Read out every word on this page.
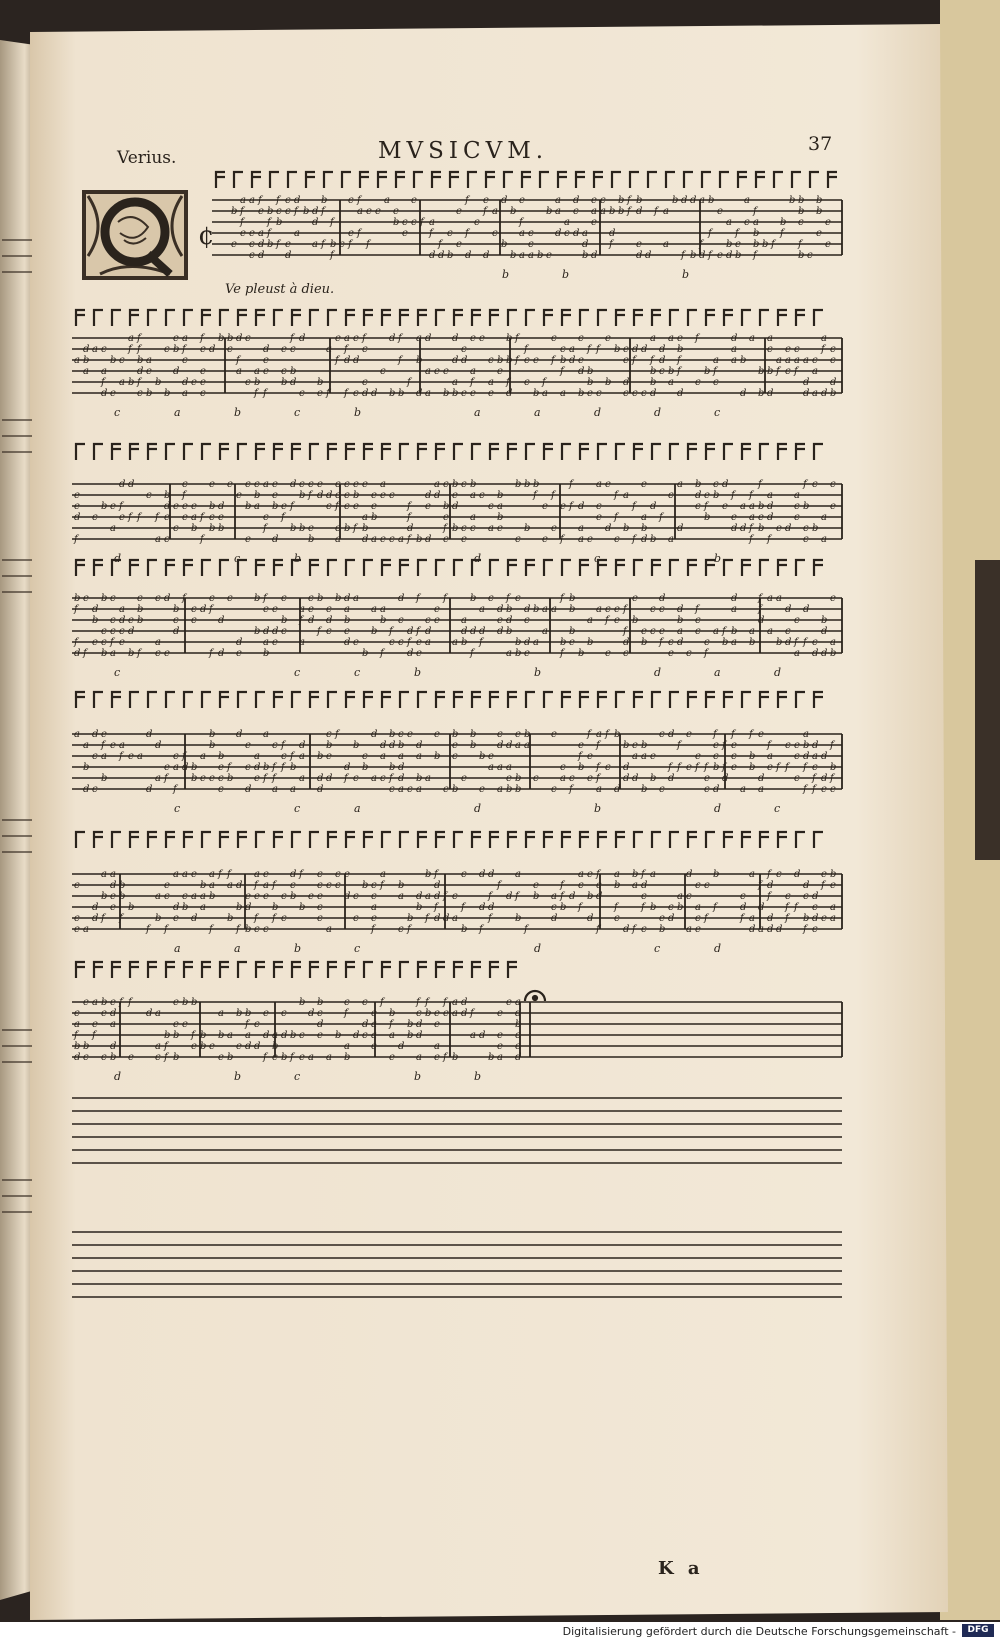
¢
b
e
a
f
f
e
a
e
c
c
f
e
a
d
d
b
f
f
b
f
c
b
f
c
c
e
d
d
f
a
b d
d
a
b
f
f
f
b
f
c
c
e
f
f
a
f
e
f
e
a
e
b c
e
e
c f a
f
d
f
d
c
b
e
e
f
f
d
c
e
f
d
a
c
d
b
b
b
e
f
a
a
c
c
a b
b
e
a
a
d
a
c
d
c
d a
d
b
e
a
e
d
c
a b
d
f
b
b
f
f
b
d
e
d d
f a
a
b d
f
d
b
a
f
d
b
f
f
e
e
a
b
d
f
e
b
a
c
f
a
b
b
f
b f
b
f
b b
b
c
f
b c
b
b
e
e
e
b	b	b
a
d
b
a
a c
a
f
d
b
e
c
a
a
f
b
f
f
b
d
f
c
a
e
b
b
c
b
e
b
d
a
f
c
d
a
e
f
e
e
e
c
d
b b
c
d
f
a
c
c
a
b
f
d
e
e
f
e
c
b
f
c
b
d
d
c
b
e
a
f
e
f
a
f
d
f
e
d
c
f
c
c
d d
c
d
b
f
f
b
f
a
b
d
d
a
a
e e
b
d
d
a
b
c
d
e
e
a
f
e
e
c
a
e
b
e
b
b
f
d
f
f
f
c
c
e
b
f
a
c
f
c
b
f
a
a
d
c
e
d
b
f
b
b
e
f
c
e
b
b e
e
d
c
d
f
c
d
c
a
f
b
b
d
d
d
c
a
b
a
e
b
f
f
d
f
c
b
a
f
c
d
a
a b
d
a
b
b
a
c
b
d
a
f
e
a
c
c
a
f
a
d
d
c
a
a
a
f
d
c
c
d
b
c	a	b	c	b	a	a	d	d	c
e
e
d
f
c
b e
a
d
f
e
d
f f
c
f
a
b
d
e
c
e
c
c
f
e
e
e
a
b
f
f
e
b
c
b
d
e
b
e
e
c
b
e
c
b
a
a
c
f
e
e
b
d
e
f
d
f
b
c
b
b
c
f
e
b
e
d d
c
c
c
f
c
a
c
c
c
b
e
b
e
f
e
a
b
d
e
e
b
a
a
e
e
c
c a
f
f
d
f b
d
e
d
a
d
c
b
e
f
e
b
e
d
b
c
c
e
b
a
a
c
c
c
a
b
a
b
e
b
c
b
b
b
f
e
e
f
e
e
f
f
f d
a
a e
a
c
e
e
d
f
f
c
a
b
f
f
e
a
b
d
d
b
f
c
a
a
d
b
d
c
e
f
b
c
b
d
e
f
e
d
a
d
f
a
a
f
f
f
b
e
b
a
d
d
f
e d
a
c
c
f
b
c
c
c
b
a
a
c
e
d	c	b	d	c	b
b
f
f
d
e
f
d
b
e
b
c
c
b
c
c
c
f
a
a
d
c
e
e
d
b
c
b
b
f
c
a
c
d
e
b
c
d
f
c
c
d
c
f
f
d
d
c
d
e
b
b
f
e
d
a
b
e
d
e
c
b
c
a
f
a
c
e
d
b
f
c
d
c
b d
a
b
e
d
a
e
b
a
b
a
b
f
f
c
d
c
c
d
f
d
f
f
e
e
c
d
a
e
e
f
a
a
d
b
b
d
f
a
d
f
c
d
e
d
f
b
d
b
a
c
b
b
d
c
d
e
b
a
a
a
a
f
b
f
b
b
b
e
b
a
b
a c
f
e
e
e
f
f
d
c
e
b
e
b
c
c
d
c
e
f c
e
d
b
a
d
c
f
c
c
c
f
a f
b
d
a
b
a
a
b
f
f
d
a
a
a
b
d
c
d
c
f
a
d
f c
d
b
d
d
e
a
b
c	c	c	b	b	d	a	d
a
a
b
d
d
c
c
e
f
a
b
e a
f e a
d
d
d
a
e
f
c
a
f
f
d b
b
a
e
b
b
e
b
e
c
c
f
b
d
e
c
d
a
d
e
a
b
f
c
f
f
a
f
c
f
f
b
a
d
a
a
b
d
d
c
b
e
d
f
d
f
b
c
c
b
d
a
d
a
c
b
d
b
f
c
c
b
a
d
d
a
e
c
d
a
b
a
a
e
b
e
b
e
c
b
e
b
b
b
e
e
a
c
d
a
a
d
a
e
b
e
a
b
b
b
a
c
e
c
c
a c
f
e
f
b
f
e
e
a
f
f
f
a
f
c
b
d
b
d
d
e
a
d
b
a
b
e
b
c
c
d
f
d
f
f
e
e
e
f f
e
c
f
e
c
b
d
f
f
d
f
e
c
e
a
f
b
b
e
d
a
f
a
e f
c
f
e
c
c
a
b
d
f
f
d
a
c
f
f
d
d
e
f
b
f
e
c	c	a	d	b	d	c
c
c
e a
d
d
a
b
f
a
d
e
e
b
b
f
b
f
a
b
e
c
f
a
d
e
a
c
b
e
a
d
b
a
a
a
a
b
f
f f
a
b
d
b
f
e
d
b
a
f
e
f
c
e
a
e
c
f
b
f
c
c
d
c
b
f
b
e
c
c
e
c
c
c
a
c
c
e
d c
c
b c
c
a
e
f
a
f b
a
c
b
f
d
b
b
a
f
f
d
d
f
d
f
d
c
a
c
f
b
d
d
f
d
f
d
f
f
d
a
f
b
f
e
b a
c
d
f
f
b
d
a
c
f
e
b
d
f
c
d
f
a
b
f
c
d
b
a
f
f
d
c
f
c
a
b
e
b
c
d
a
b
d
c
a
c
a
c
e
c
f
b
f
c
d
f
a
a
d
f
d
a
f
d
f
d
d
c
d
c
f
f
d
f
d
c
b
f
d
c
d
c
e
f
e
b
e
a
a
a	a	b	c	d	c	d
c
a
f
b
d
e
b
c
a
e
f
b
e
c
e
d
a
d
b
f f
e
d a
a
c
b
f
f
e
e
b
b
b
e
b
f
e
b
b e
a
b
e
a
b
b
e
b
f
a
d
c
d
e
d
f
a
b
e
c
d
b
b
f
b
c
e
d
a
b
c
d
e
a
b
c
f
a
b
d
c
d
c
e
a
a
c
f
b
f
a
e
d
b
b
f
c
d
d
a
f
b e
e
a
e
f
e
f
a
a
b
d
d f
a d
b
e
e
e
a
e a
d
b
c
e
d
d	b	c	b	b
Verius.	MVSICVM.	37
Ve pleust à dieu.
K a
Digitalisierung gefördert durch die Deutsche Forschungsgemeinschaft -	DFG
